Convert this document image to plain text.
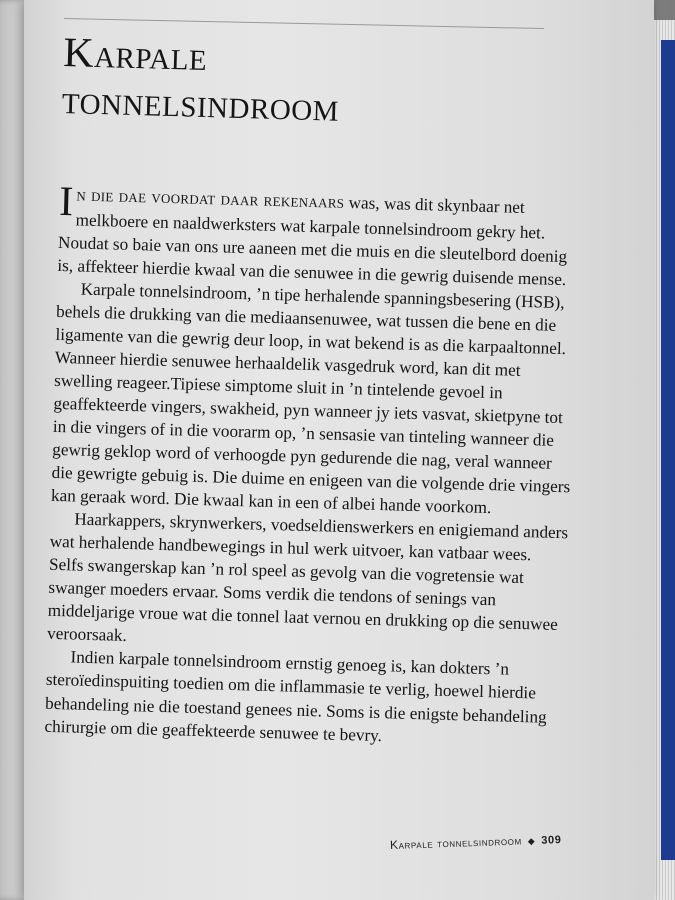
Karpale
tonnelsindroom

In die dae voordat daar rekenaars was, was dit skynbaar net melkboere en naaldwerksters wat karpale tonnelsindroom gekry het. Noudat so baie van ons ure aaneen met die muis en die sleutelbord doenig is, affekteer hierdie kwaal van die senuwee in die gewrig duisende mense.

Karpale tonnelsindroom, ’n tipe herhalende spanningsbesering (HSB), behels die drukking van die mediaansenuwee, wat tussen die bene en die ligamente van die gewrig deur loop, in wat bekend is as die karpaaltonnel. Wanneer hierdie senuwee herhaaldelik vasgedruk word, kan dit met swelling reageer.Tipiese simptome sluit in ’n tintelende gevoel in geaffekteerde vingers, swakheid, pyn wanneer jy iets vasvat, skietpyne tot in die vingers of in die voorarm op, ’n sensasie van tinteling wanneer die gewrig geklop word of verhoogde pyn gedurende die nag, veral wanneer die gewrigte gebuig is. Die duime en enigeen van die volgende drie vingers kan geraak word. Die kwaal kan in een of albei hande voorkom.

Haarkappers, skrynwerkers, voedseldienswerkers en enigiemand anders wat herhalende handbewegings in hul werk uitvoer, kan vatbaar wees. Selfs swangerskap kan ’n rol speel as gevolg van die vogretensie wat swanger moeders ervaar. Soms verdik die tendons of senings van middeljarige vroue wat die tonnel laat vernou en drukking op die senuwee veroorsaak.

Indien karpale tonnelsindroom ernstig genoeg is, kan dokters ’n steroïedinspuiting toedien om die inflammasie te verlig, hoewel hierdie behandeling nie die toestand genees nie. Soms is die enigste behandeling chirurgie om die geaffekteerde senuwee te bevry.

Karpale tonnelsindroom ◆ 309
